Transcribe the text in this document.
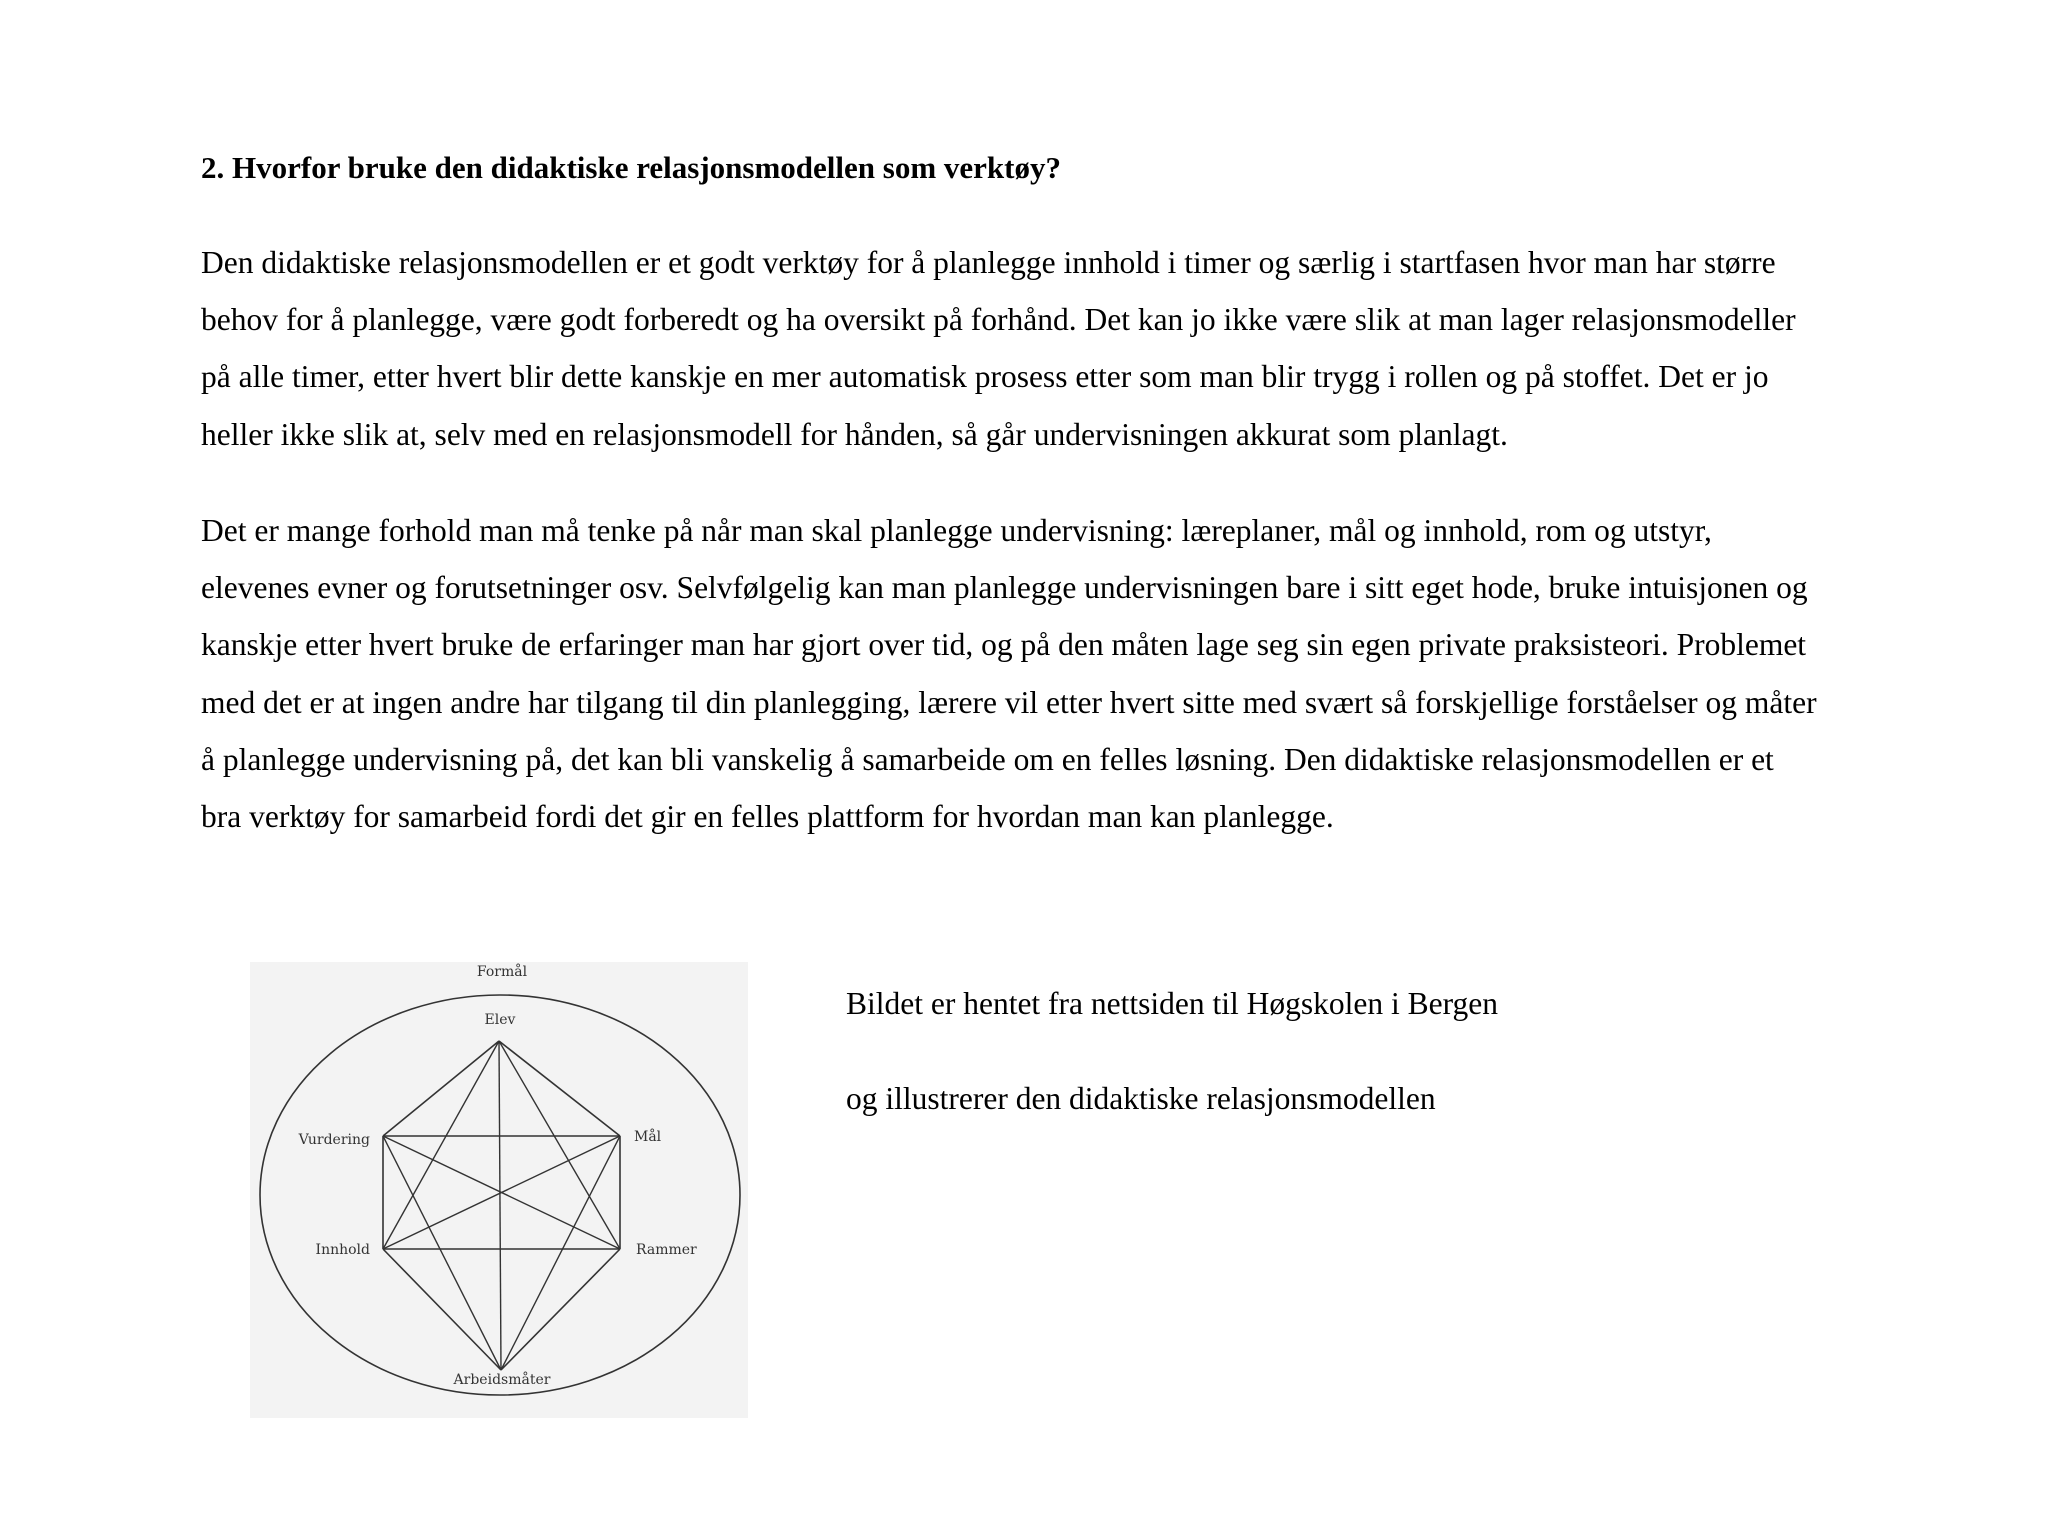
2. Hvorfor bruke den didaktiske relasjonsmodellen som verktøy?

Den didaktiske relasjonsmodellen er et godt verktøy for å planlegge innhold i timer og særlig i startfasen hvor man har større
behov for å planlegge, være godt forberedt og ha oversikt på forhånd. Det kan jo ikke være slik at man lager relasjonsmodeller
på alle timer, etter hvert blir dette kanskje en mer automatisk prosess etter som man blir trygg i rollen og på stoffet. Det er jo
heller ikke slik at, selv med en relasjonsmodell for hånden, så går undervisningen akkurat som planlagt.

Det er mange forhold man må tenke på når man skal planlegge undervisning: læreplaner, mål og innhold, rom og utstyr,
elevenes evner og forutsetninger osv. Selvfølgelig kan man planlegge undervisningen bare i sitt eget hode, bruke intuisjonen og
kanskje etter hvert bruke de erfaringer man har gjort over tid, og på den måten lage seg sin egen private praksisteori. Problemet
med det er at ingen andre har tilgang til din planlegging, lærere vil etter hvert sitte med svært så forskjellige forståelser og måter
å planlegge undervisning på, det kan bli vanskelig å samarbeide om en felles løsning. Den didaktiske relasjonsmodellen er et
bra verktøy for samarbeid fordi det gir en felles plattform for hvordan man kan planlegge.

Formål
Elev
Vurdering	Mål
Innhold	Rammer
Arbeidsmåter
Bildet er hentet fra nettsiden til Høgskolen i Bergen
og illustrerer den didaktiske relasjonsmodellen
